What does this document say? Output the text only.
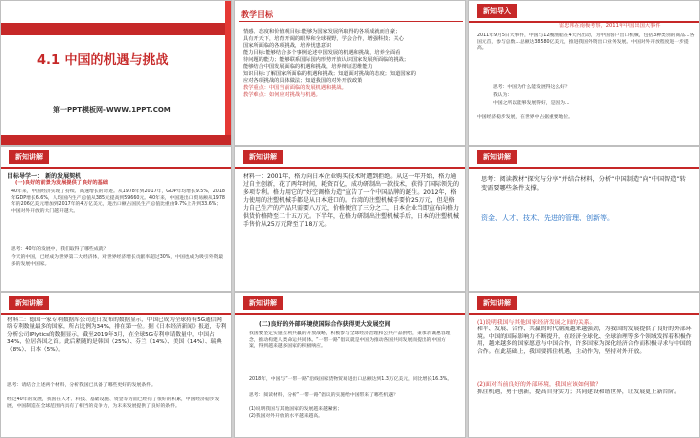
4.1 中国的机遇与挑战
第一PPT模板网-WWW.1PPT.COM
教学目标
情感、态度和价值观目标:能够为国家发展所取得的各项成就而自豪；
具有开天下，培育开阔的眼界和全球视野，学会合作，增强科技；关心
国家所面临的各项挑战，培养忧患意识
能力目标:能够结合多个事例论述中国发展的机遇和挑战，培养全面看
待问题的能力；能够联系国际国内形势开放认识国家发展所面临的挑战；
能够结合中国发展面临的机遇和挑战，培养辩证思维能力
知识目标:了解国家所面临的机遇和挑战；知道面对挑战的态度；知道国家的
应对各项挑战的具体做法；知道我国的对外开放政策
教学重点：中国当前面临的发展机遇和挑战。
教学难点：如何应对挑战与机遇。
新知导入
雷忠邦在南极考察，2011年中国出国大事件
2011年9月5日大事件，中国与12艘渔船在4天内出动，为中国客户出口机械，包括3种类别的商品...各国元首，参与总数...总额达38580亿美元，推进我国外资出口业务发展。中国对外开放程度进一步提高。
思考：中国为什么能发展得这么好？
我认为：
中国之所以能够发展得好，是因为...
中国经济稳步发展，在世界中占据重要地位。
新知讲解
目标导学一： 新的发展契机
(一)良好的前景为发展提供了良好的基础
40年来，中国经济实现了持续、高速增长的奇迹。从1978年到2017年，GDP年均增长9.5%，2018年GDP增长6.6%，人均国内生产总值从385元提高到59660元。40年来，中国进出口贸易额从1978年的206亿美元增加到2017年的4万亿美元，进出口额占国民生产总值比重由9.7%上升到33.6%；中国对外开放的大门越开越大。
思考：40年的发展中，我们取得了哪些成就？
今天的中国，已经成为世界第二大经济体，对世界经济增长贡献率超过30%，中国也成为吸引外资最多的发展中国家。
新知讲解
材料一：2001年，格力向日本企业购买技术时遭到拒绝。从这一年开始，格力通过自主创新，花了两年时间，耗资百亿，成功研制出一款技术，获得了国际领先的多项专利。格力用它的“好空调格力造”宣告了一个中国品牌的诞生。2012年，格力使用的注塑机械手都是从日本进口的。台湾的注塑机械手要价25万元，但是格力自己生产的产品只需要八万元，价格便宜了三分之二，日本企业当即宣布向格力供货价格降至二十五万元。下半年，在格力研制出注塑机械手后，日本的注塑机械手售价从25万元降至了18万元。
新知讲解
思考：阅读教材“探究与分享”并结合材料，分析“中国制造”向“中国智造”转变需要哪些条件支撑。
资金、人才、技术、先进的管理、创新等。
新知讲解
材料二：德国一家专利数据库公司近日发布的数据显示，中国已成为全球持有5G通信网络专利数量最多的国家，所占比例为34%，排在第一位。据《日本经济新闻》报道，专利分析公司IPlytics的数据显示，截至2019年3月，在全球5G专利申请数量中，中国占34%，位居各国之首。此后紧随的是韩国（25%）、芬兰（14%）、美国（14%）、瑞典（8%）、日本（5%）。
思考：请结合上述两个材料，分析我国已具备了哪些更好的发展条件。
经过40年的发展，我国在人才、科技、基础设施、资金等方面已经有了很好的积累，中国经济稳步发展，中国制造在全球范围内具有了相当的竞争力，为未来发展提供了良好的条件。
新知讲解
(二)良好的外部环境使国际合作获得更大发展空间
我国要坚定实施互利共赢的开放战略，积极参与全球经济治理和公共产品供给，秉承亲诚惠容理念，推动构建人类命运共同体。“一带一路”倡议就是中国为推动各国共同发展而提出的中国方案，得到越来越多国家的积极响应。
2018年，中国与“一带一路”沿线国家货物贸易进出口总额达到1.3万亿美元，同比增长16.3%。
思考：阅读材料，分析“一带一路”倡议的实施给中国带来了哪些机遇？
(1)说明我国与其他国家的发展越来越紧密；
(2)我国对外开放的水平越来越高。
新知讲解
(1)说明我国与其他国家经济发展之间的关系。
和平、发展、合作、共赢的时代潮流越来越强劲，为我国的发展提供了良好的外部环境。中国的国际影响力不断提升，在经济全球化、全球治理等多个领域发挥着积极作用，越来越多的国家愿意与中国合作，许多国家为深化经济合作而积极寻求与中国的合作。在此基础上，我国要抓住机遇，主动作为，坚持对外开放。
(2)面对当前良好的外部环境，我国应该如何做？
抓住机遇，勇于创新，提高自身实力；共同建设和谐世界，让发展更上新台阶。
